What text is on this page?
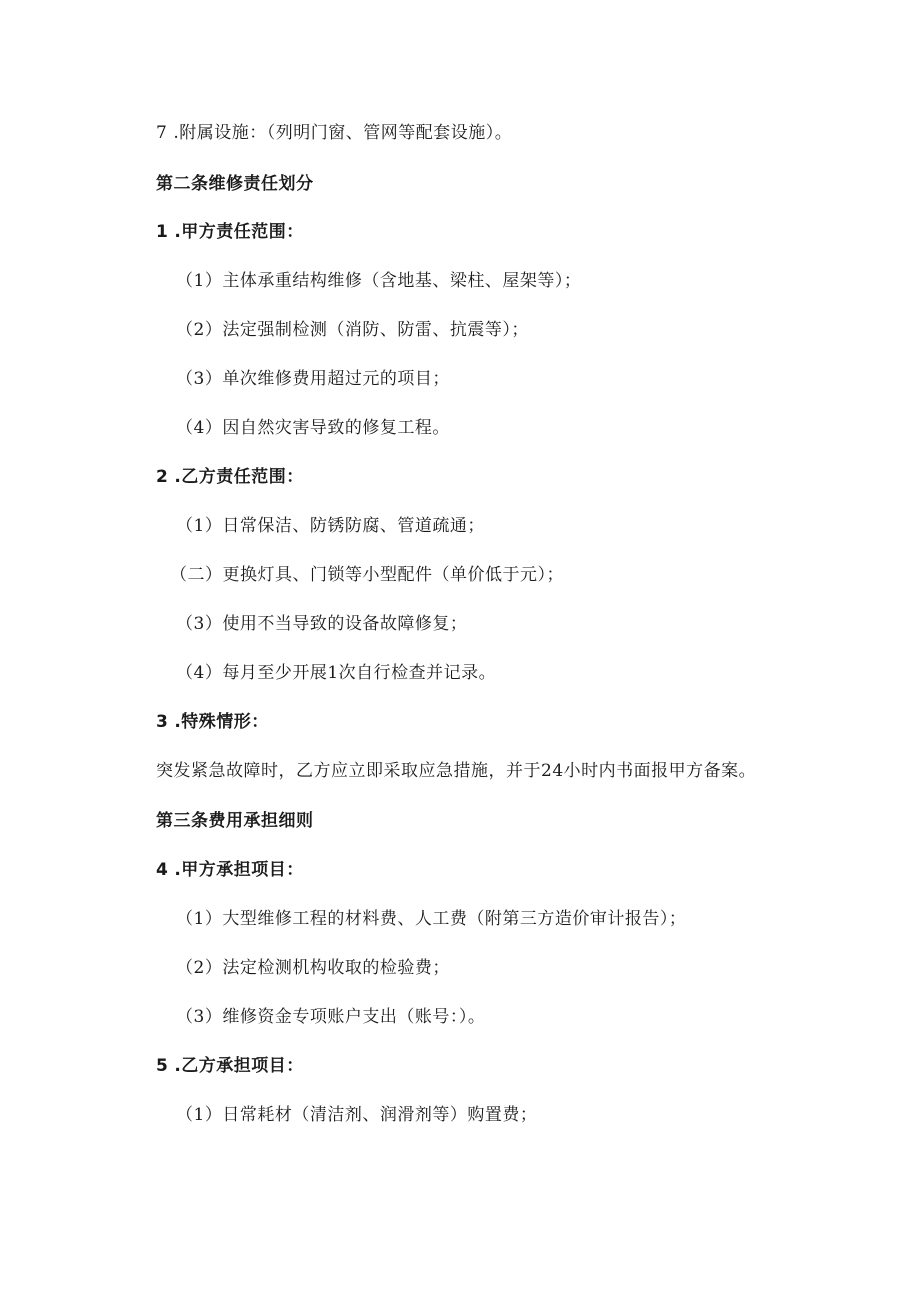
7 .附属设施：（列明门窗、管网等配套设施）。
第二条维修责任划分
1 .甲方责任范围：
（1）主体承重结构维修（含地基、梁柱、屋架等）；
（2）法定强制检测（消防、防雷、抗震等）；
（3）单次维修费用超过元的项目；
（4）因自然灾害导致的修复工程。
2 .乙方责任范围：
（1）日常保洁、防锈防腐、管道疏通；
（二）更换灯具、门锁等小型配件（单价低于元）；
（3）使用不当导致的设备故障修复；
（4）每月至少开展1次自行检查并记录。
3 .特殊情形：
突发紧急故障时，乙方应立即采取应急措施，并于24小时内书面报甲方备案。
第三条费用承担细则
4 .甲方承担项目：
（1）大型维修工程的材料费、人工费（附第三方造价审计报告）；
（2）法定检测机构收取的检验费；
（3）维修资金专项账户支出（账号：）。
5 .乙方承担项目：
（1）日常耗材（清洁剂、润滑剂等）购置费；
